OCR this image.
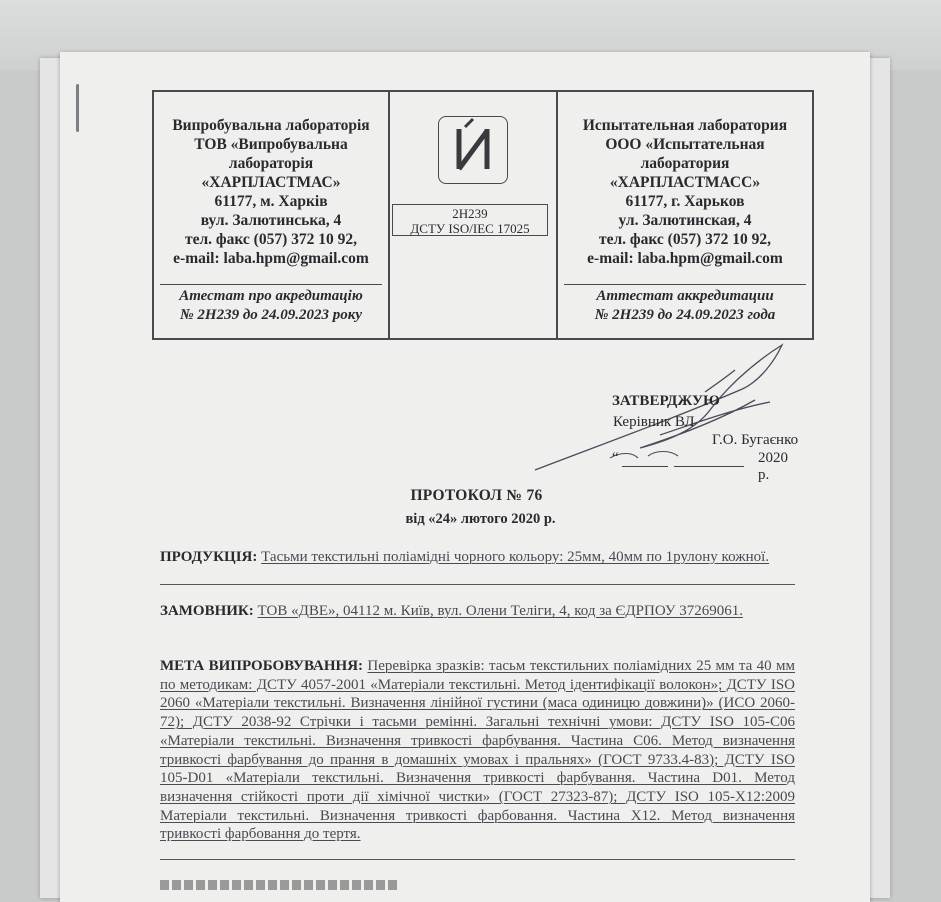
Випробувальна лабораторія
ТОВ «Випробувальна
лабораторія
«ХАРПЛАСТМАС»
61177, м. Харків
вул. Залютинська, 4
тел. факс (057) 372 10 92,
e-mail: laba.hpm@gmail.com
Атестат про акредитацію
№ 2Н239 до 24.09.2023 року
2Н239
ДСТУ ISO/IEC 17025
Испытательная лаборатория
ООО «Испытательная
лаборатория
«ХАРПЛАСТМАСС»
61177, г. Харьков
ул. Залютинская, 4
тел. факс (057) 372 10 92,
e-mail: laba.hpm@gmail.com
Аттестат аккредитации
№ 2Н239 до 24.09.2023 года
ЗАТВЕРДЖУЮ
Керівник ВЛ
Г.О. Бугаєнко
“	2020 р.
ПРОТОКОЛ № 76
від «24» лютого 2020 р.
ПРОДУКЦІЯ: Тасьми текстильні поліамідні чорного кольору: 25мм, 40мм по 1рулону кожної.
ЗАМОВНИК: ТОВ «ДВЕ», 04112 м. Київ, вул. Олени Теліги, 4, код за ЄДРПОУ 37269061.
МЕТА ВИПРОБОВУВАННЯ: Перевірка зразків: тасьм текстильних поліамідних 25 мм та 40 мм по методикам: ДСТУ 4057-2001 «Матеріали текстильні. Метод ідентифікації волокон»; ДСТУ ISO 2060 «Матеріали текстильні. Визначення лінійної густини (маса одиницю довжини)» (ИСО 2060-72); ДСТУ 2038-92 Стрічки і тасьми ремінні. Загальні технічні умови: ДСТУ ISO 105-С06 «Матеріали текстильні. Визначення тривкості фарбування. Частина С06. Метод визначення тривкості фарбування до прання в домашніх умовах і пральнях» (ГОСТ 9733.4-83); ДСТУ ISO 105-D01 «Матеріали текстильні. Визначення тривкості фарбування. Частина D01. Метод визначення стійкості проти дії хімічної чистки» (ГОСТ 27323-87); ДСТУ ISO 105-X12:2009 Матеріали текстильні. Визначення тривкості фарбовання. Частина Х12. Метод визначення тривкості фарбовання до тертя.
